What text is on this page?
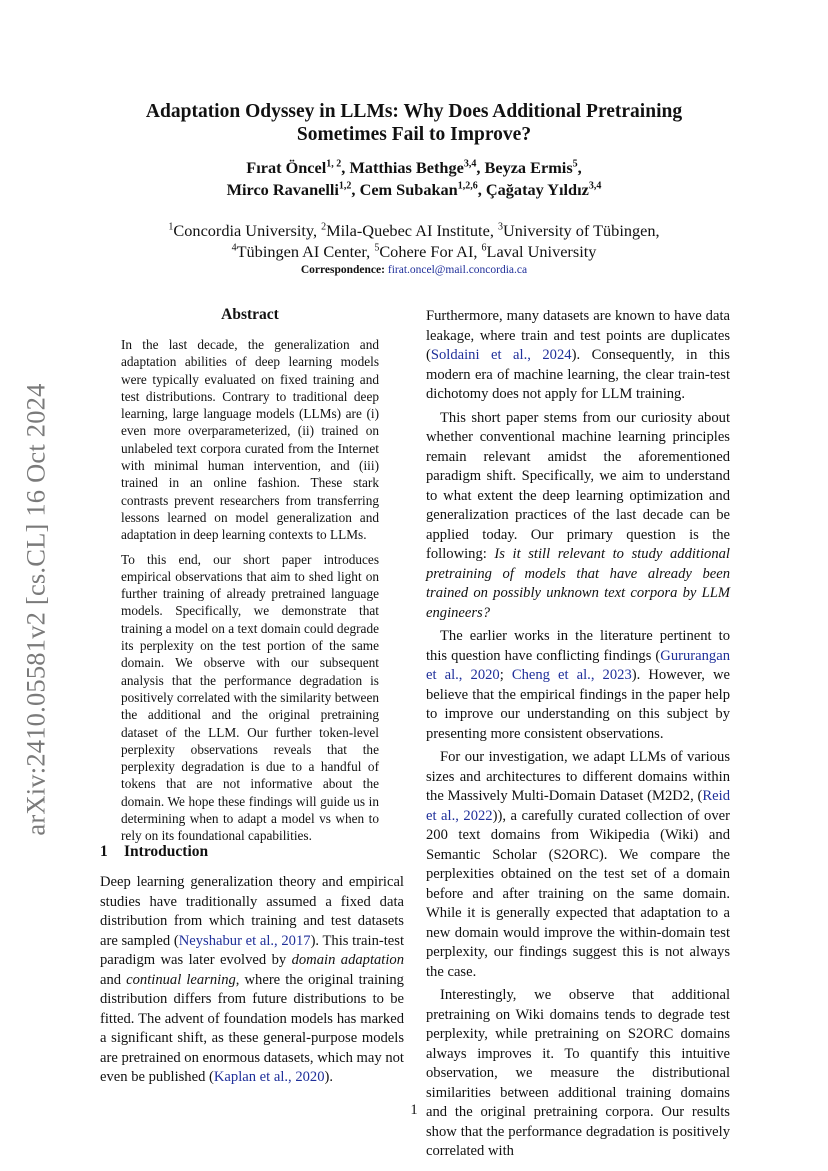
arXiv:2410.05581v2 [cs.CL] 16 Oct 2024
Adaptation Odyssey in LLMs: Why Does Additional Pretraining
Sometimes Fail to Improve?
Fırat Öncel$^{1, 2}$, Matthias Bethge$^{3,4}$, Beyza Ermis$^5$,
Mirco Ravanelli$^{1,2}$, Cem Subakan$^{1,2,6}$, Çağatay Yıldız$^{3,4}$
$^1$Concordia University, $^2$Mila-Quebec AI Institute, $^3$University of Tübingen,
$^4$Tübingen AI Center, $^5$Cohere For AI, $^6$Laval University
Correspondence: firat.oncel@mail.concordia.ca
Abstract

In the last decade, the generalization and adaptation abilities of deep learning models were typically evaluated on fixed training and test distributions. Contrary to traditional deep learning, large language models (LLMs) are (i) even more overparameterized, (ii) trained on unlabeled text corpora curated from the Internet with minimal human intervention, and (iii) trained in an online fashion. These stark contrasts prevent researchers from transferring lessons learned on model generalization and adaptation in deep learning contexts to LLMs.

To this end, our short paper introduces empirical observations that aim to shed light on further training of already pretrained language models. Specifically, we demonstrate that training a model on a text domain could degrade its perplexity on the test portion of the same domain. We observe with our subsequent analysis that the performance degradation is positively correlated with the similarity between the additional and the original pretraining dataset of the LLM. Our further token-level perplexity observations reveals that the perplexity degradation is due to a handful of tokens that are not informative about the domain. We hope these findings will guide us in determining when to adapt a model vs when to rely on its foundational capabilities.

1 Introduction

Deep learning generalization theory and empirical studies have traditionally assumed a fixed data distribution from which training and test datasets are sampled (Neyshabur et al., 2017). This train-test paradigm was later evolved by domain adaptation and continual learning, where the original training distribution differs from future distributions to be fitted. The advent of foundation models has marked a significant shift, as these general-purpose models are pretrained on enormous datasets, which may not even be published (Kaplan et al., 2020).

Furthermore, many datasets are known to have data leakage, where train and test points are duplicates (Soldaini et al., 2024). Consequently, in this modern era of machine learning, the clear train-test dichotomy does not apply for LLM training.

This short paper stems from our curiosity about whether conventional machine learning principles remain relevant amidst the aforementioned paradigm shift. Specifically, we aim to understand to what extent the deep learning optimization and generalization practices of the last decade can be applied today. Our primary question is the following: Is it still relevant to study additional pretraining of models that have already been trained on possibly unknown text corpora by LLM engineers?

The earlier works in the literature pertinent to this question have conflicting findings (Gururangan et al., 2020; Cheng et al., 2023). However, we believe that the empirical findings in the paper help to improve our understanding on this subject by presenting more consistent observations.

For our investigation, we adapt LLMs of various sizes and architectures to different domains within the Massively Multi-Domain Dataset (M2D2, (Reid et al., 2022)), a carefully curated collection of over 200 text domains from Wikipedia (Wiki) and Semantic Scholar (S2ORC). We compare the perplexities obtained on the test set of a domain before and after training on the same domain. While it is generally expected that adaptation to a new domain would improve the within-domain test perplexity, our findings suggest this is not always the case.

Interestingly, we observe that additional pretraining on Wiki domains tends to degrade test perplexity, while pretraining on S2ORC domains always improves it. To quantify this intuitive observation, we measure the distributional similarities between additional training domains and the original pretraining corpora. Our results show that the performance degradation is positively correlated with

1
